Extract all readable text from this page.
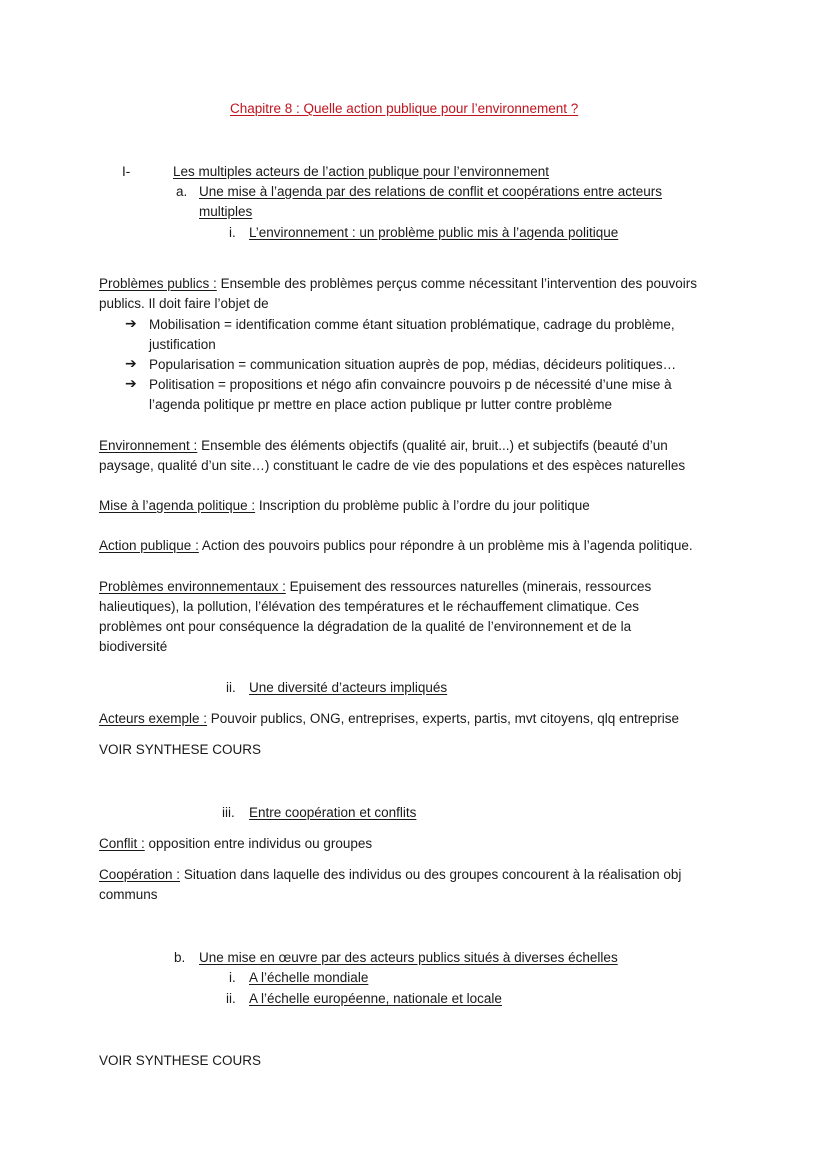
Chapitre 8 : Quelle action publique pour l’environnement ?
I-	Les multiples acteurs de l’action publique pour l’environnement
a. Une mise à l’agenda par des relations de conflit et coopérations entre acteurs
multiples
i. L’environnement : un problème public mis à l’agenda politique
Problèmes publics : Ensemble des problèmes perçus comme nécessitant l’intervention des pouvoirs
publics. Il doit faire l’objet de
➔ Mobilisation = identification comme étant situation problématique, cadrage du problème,
justification
➔ Popularisation = communication situation auprès de pop, médias, décideurs politiques…
➔ Politisation = propositions et négo afin convaincre pouvoirs p de nécessité d’une mise à
l’agenda politique pr mettre en place action publique pr lutter contre problème
Environnement : Ensemble des éléments objectifs (qualité air, bruit...) et subjectifs (beauté d’un
paysage, qualité d’un site…) constituant le cadre de vie des populations et des espèces naturelles
Mise à l’agenda politique : Inscription du problème public à l’ordre du jour politique
Action publique : Action des pouvoirs publics pour répondre à un problème mis à l’agenda politique.
Problèmes environnementaux : Epuisement des ressources naturelles (minerais, ressources
halieutiques), la pollution, l’élévation des températures et le réchauffement climatique. Ces
problèmes ont pour conséquence la dégradation de la qualité de l’environnement et de la
biodiversité
ii. Une diversité d’acteurs impliqués
Acteurs exemple : Pouvoir publics, ONG, entreprises, experts, partis, mvt citoyens, qlq entreprise
VOIR SYNTHESE COURS
iii. Entre coopération et conflits
Conflit : opposition entre individus ou groupes
Coopération : Situation dans laquelle des individus ou des groupes concourent à la réalisation obj
communs
b. Une mise en œuvre par des acteurs publics situés à diverses échelles
i. A l’échelle mondiale
ii. A l’échelle européenne, nationale et locale
VOIR SYNTHESE COURS
